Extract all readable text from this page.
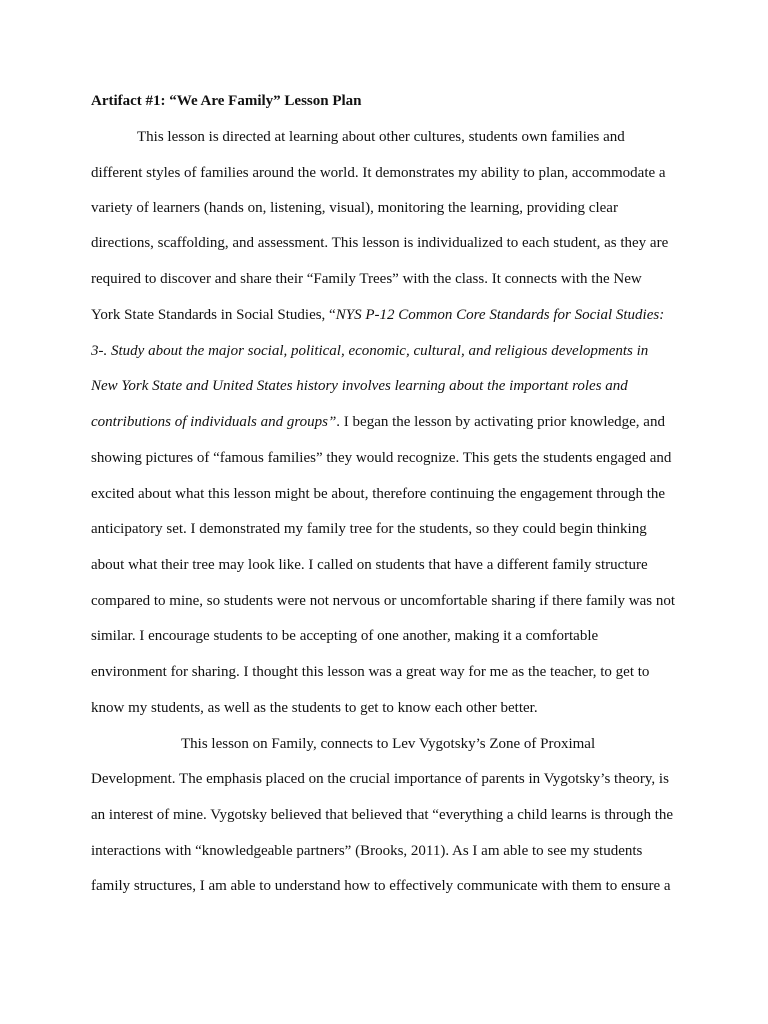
Artifact #1: “We Are Family” Lesson Plan
This lesson is directed at learning about other cultures, students own families and
different styles of families around the world. It demonstrates my ability to plan, accommodate a
variety of learners (hands on, listening, visual), monitoring the learning, providing clear
directions, scaffolding, and assessment. This lesson is individualized to each student, as they are
required to discover and share their “Family Trees” with the class. It connects with the New
York State Standards in Social Studies, “NYS P-12 Common Core Standards for Social Studies:
3-. Study about the major social, political, economic, cultural, and religious developments in
New York State and United States history involves learning about the important roles and
contributions of individuals and groups”. I began the lesson by activating prior knowledge, and
showing pictures of “famous families” they would recognize. This gets the students engaged and
excited about what this lesson might be about, therefore continuing the engagement through the
anticipatory set. I demonstrated my family tree for the students, so they could begin thinking
about what their tree may look like. I called on students that have a different family structure
compared to mine, so students were not nervous or uncomfortable sharing if there family was not
similar. I encourage students to be accepting of one another, making it a comfortable
environment for sharing. I thought this lesson was a great way for me as the teacher, to get to
know my students, as well as the students to get to know each other better.
This lesson on Family, connects to Lev Vygotsky’s Zone of Proximal
Development. The emphasis placed on the crucial importance of parents in Vygotsky’s theory, is
an interest of mine. Vygotsky believed that believed that “everything a child learns is through the
interactions with “knowledgeable partners” (Brooks, 2011). As I am able to see my students
family structures, I am able to understand how to effectively communicate with them to ensure a
